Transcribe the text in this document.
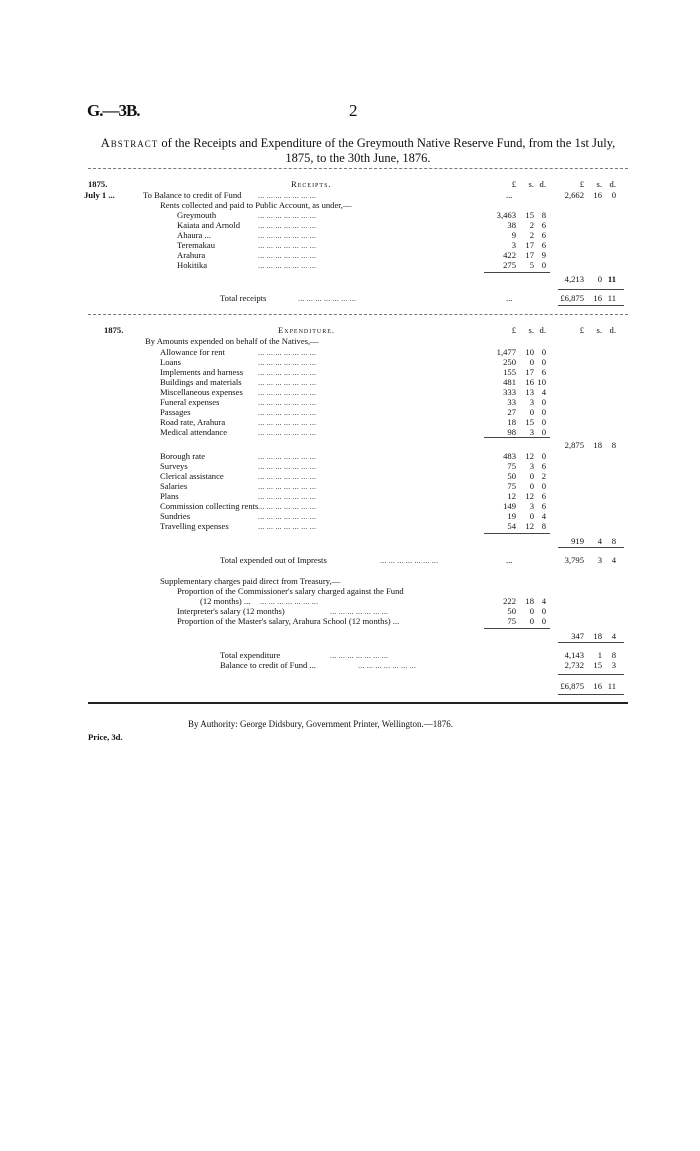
G.—3B.	2
Abstract of the Receipts and Expenditure of the Greymouth Native Reserve Fund, from the 1st July, 1875, to the 30th June, 1876.
1875.	Receipts.	£	s. d.	£	s. d.
July 1 ...	To Balance to credit of Fund ... ... ... ... ... ... ...	...	2,662	16	0
Rents collected and paid to Public Account, as under,—
Greymouth	... ... ... ... ... ... ...	3,463	15 8
Kaiata and Arnold ... ... ... ... ... ... ...	38	2 6
Ahaura ...	... ... ... ... ... ... ...	9	2 6
Teremakau	... ... ... ... ... ... ...	3	17 6
Arahura	... ... ... ... ... ... ...	422	17 9
Hokitika	... ... ... ... ... ... ...	275	5 0
4,213	0 11
Total receipts	... ... ... ... ... ... ...	...	£6,875	16 11
1875.	Expenditure.	£	s. d.	£	s. d.
By Amounts expended on behalf of the Natives,—
Allowance for rent	... ... ... ... ... ... ...	1,477	10 0
Loans	... ... ... ... ... ... ...	250	0 0
Implements and harness ... ... ... ... ... ... ...	155	17 6
Buildings and materials ... ... ... ... ... ... ...	481	16 10
Miscellaneous expenses ... ... ... ... ... ... ...	333	13 4
Funeral expenses	... ... ... ... ... ... ...	33	3 0
Passages	... ... ... ... ... ... ...	27	0 0
Road rate, Arahura	... ... ... ... ... ... ...	18	15 0
Medical attendance	... ... ... ... ... ... ...	98	3 0
2,875	18	8
Borough rate	... ... ... ... ... ... ...	483	12 0
Surveys	... ... ... ... ... ... ...	75	3 6
Clerical assistance	... ... ... ... ... ... ...	50	0 2
Salaries	... ... ... ... ... ... ...	75	0 0
Plans	... ... ... ... ... ... ...	12	12 6
Commission collecting rents ... ... ... ... ... ... ...	149	3 6
Sundries	... ... ... ... ... ... ...	19	0 4
Travelling expenses	... ... ... ... ... ... ...	54	12 8
919	4	8
Total expended out of Imprests	... ... ... ... ... ... ...	...	3,795	3	4
Supplementary charges paid direct from Treasury,—
Proportion of the Commissioner's salary charged against the Fund
(12 months) ... ... ... ... ... ... ... ...	222	18 4
Interpreter's salary (12 months)	... ... ... ... ... ... ...	50	0 0
Proportion of the Master's salary, Arahura School (12 months) ...	75	0 0
347	18	4
Total expenditure	... ... ... ... ... ... ...	4,143	1	8
Balance to credit of Fund ...	... ... ... ... ... ... ...	2,732	15	3
£6,875	16 11
By Authority: George Didsbury, Government Printer, Wellington.—1876.
Price, 3d.
